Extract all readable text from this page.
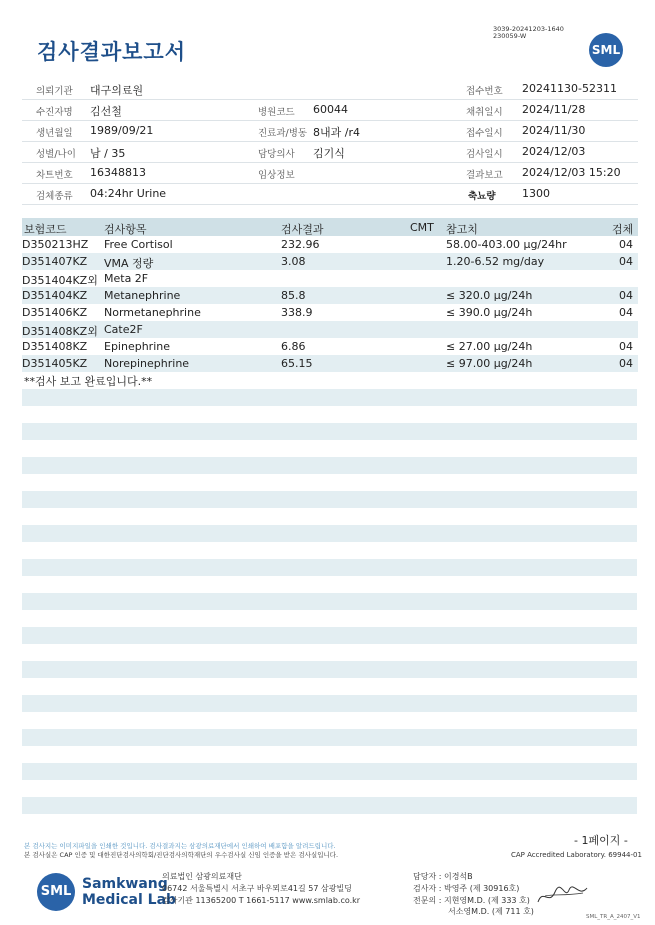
검사결과보고서
3039-20241203-1640
230059-W
SML
의뢰기관 대구의료원	접수번호 20241130-52311
수진자명 김선철	병원코드 60044	채취일시 2024/11/28
생년월일 1989/09/21	진료과/병동 8내과 /r4	접수일시 2024/11/30
성별/나이 남 / 35	담당의사 김기식	검사일시 2024/12/03
차트번호 16348813	임상정보	결과보고 2024/12/03 15:20
검체종류 04:24hr Urine	축뇨량 1300
보험코드	검사항목	검사결과	CMT 참고치	검체
D350213HZ Free Cortisol	232.96	58.00-403.00 μg/24hr	04
D351407KZ VMA 정량	3.08	1.20-6.52 mg/day	04
D351404KZ외 Meta 2F
D351404KZ Metanephrine	85.8	≤ 320.0 μg/24h	04
D351406KZ Normetanephrine	338.9	≤ 390.0 μg/24h	04
D351408KZ외 Cate2F
D351408KZ Epinephrine	6.86	≤ 27.00 μg/24h	04
D351405KZ Norepinephrine	65.15	≤ 97.00 μg/24h	04
**검사 보고 완료입니다.**
- 1페이지 -
본 검사지는 이미지파일을 인쇄한 것입니다. 검사결과지는 삼광의료재단에서 인쇄하여 배포함을 알려드립니다.
본 검사실은 CAP 인증 및 대한진단검사의학회/진단검사의학재단의 우수검사실 신임 인증을 받은 검사실입니다.	CAP Accredited Laboratory. 69944-01
SML Samkwang
Medical Lab
의료법인 삼광의료재단
06742 서울특별시 서초구 바우뫼로41길 57 삼광빌딩
검사기관 11365200 T 1661-5117 www.smlab.co.kr
담당자 : 이경석B
검사자 : 박영주 (제 30916호)
전문의 : 지현영M.D. (제 333 호)
서소영M.D. (제 711 호)
SML_TR_A_2407_V1
